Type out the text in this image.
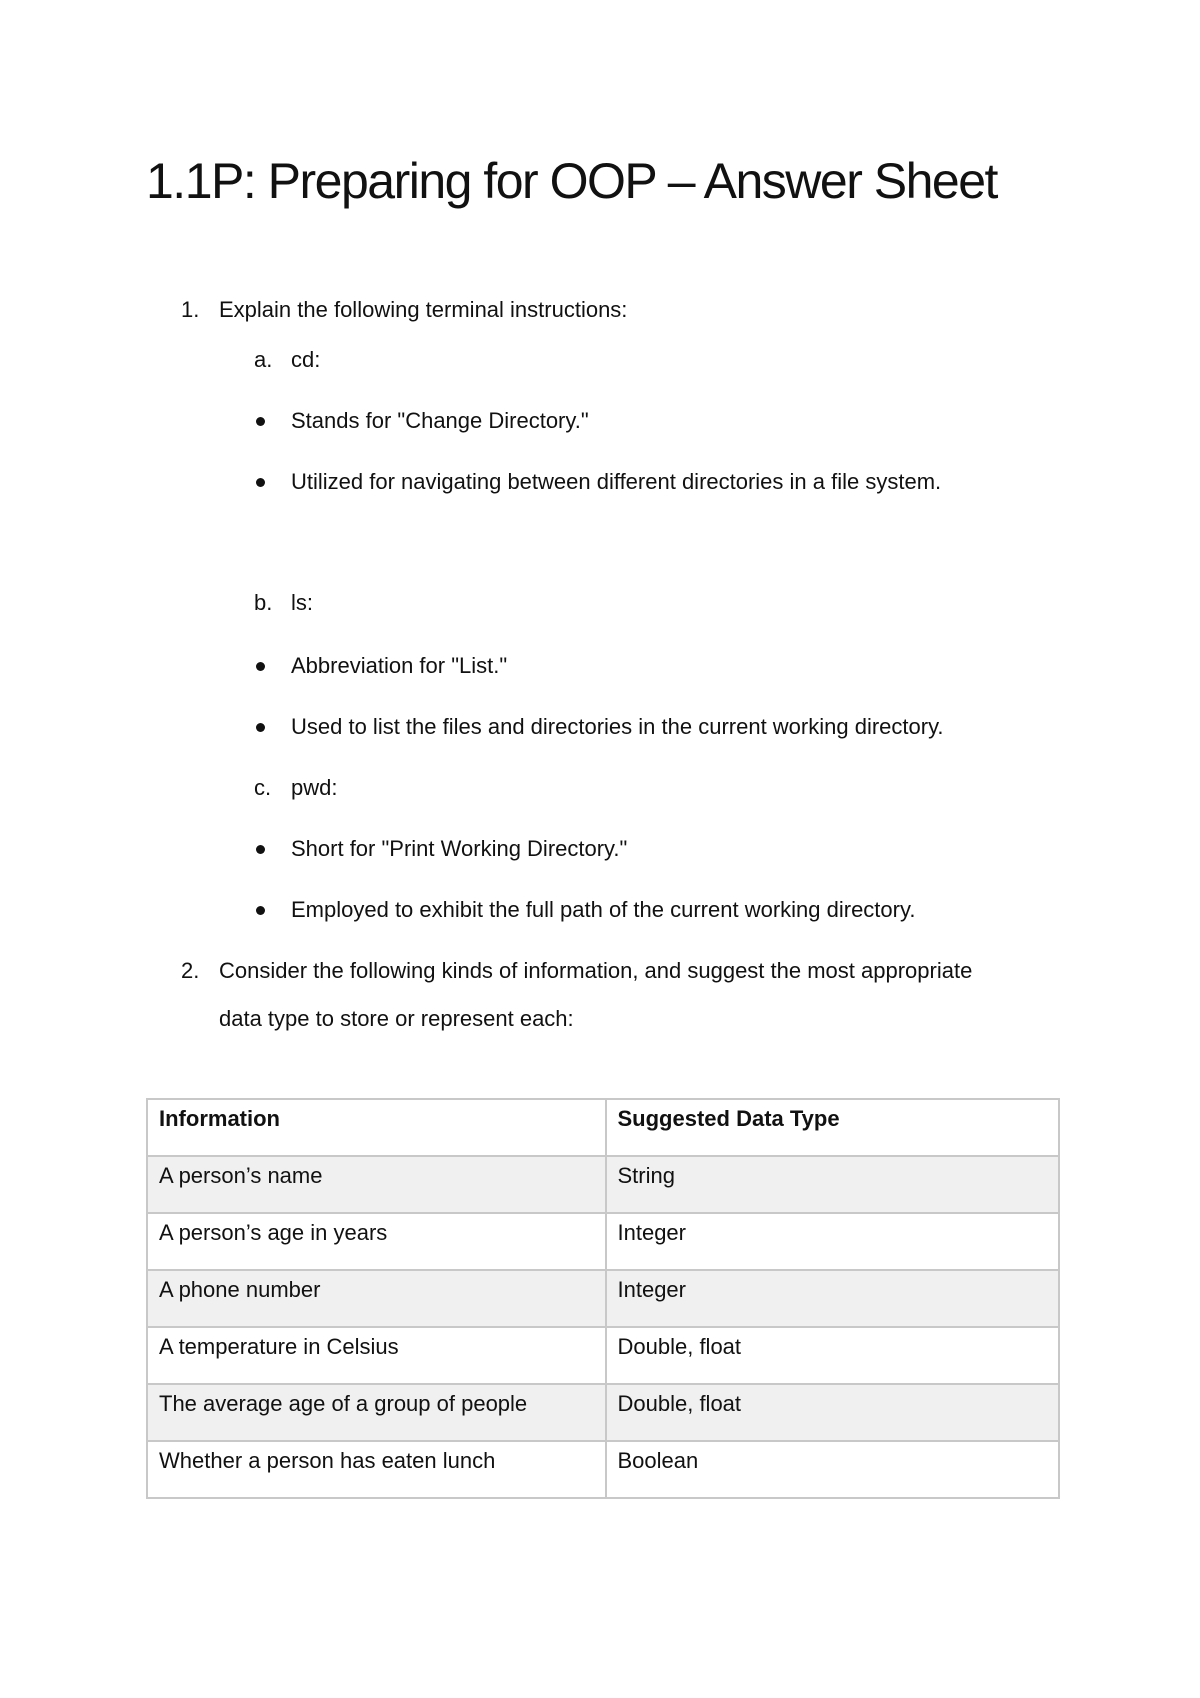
1.1P: Preparing for OOP – Answer Sheet
1. Explain the following terminal instructions:
a. cd:
Stands for "Change Directory."
Utilized for navigating between different directories in a file system.
b. ls:
Abbreviation for "List."
Used to list the files and directories in the current working directory.
c. pwd:
Short for "Print Working Directory."
Employed to exhibit the full path of the current working directory.
2. Consider the following kinds of information, and suggest the most appropriate
data type to store or represent each:
Information	Suggested Data Type
A person’s name	String
A person’s age in years	Integer
A phone number	Integer
A temperature in Celsius	Double, float
The average age of a group of people	Double, float
Whether a person has eaten lunch	Boolean
